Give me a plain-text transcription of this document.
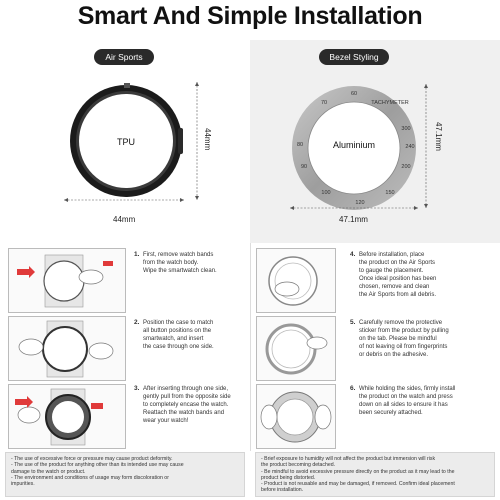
Smart And Simple Installation
Air Sports
TPU
44mm
44mm
Bezel Styling
70
60
TACHYMETER
300
240
200
150
120
100
90
80	Aluminium
47.1mm
47.1mm
1. First, remove watch bands
from the watch body.
Wipe the smartwatch clean.
2. Position the case to match
all button positions on the
smartwatch, and insert
the case through one side.
3. After inserting through one side,
gently pull from the opposite side
to completely encase the watch.
Reattach the watch bands and
wear your watch!
4. Before installation, place
the product on the Air Sports
to gauge the placement.
Once ideal position has been
chosen, remove and clean
the Air Sports from all debris.
5. Carefully remove the protective
sticker from the product by pulling
on the tab. Please be mindful
of not leaving oil from fingerprints
or debris on the adhesive.
6. While holding the sides, firmly install
the product on the watch and press
down on all sides to ensure it has
been securely attached.
- The use of excessive force or pressure may cause product deformity.
- The use of the product for anything other than its intended use may cause
damage to the watch or product.
- The environment and conditions of usage may form discoloration or
impurities.
- Brief exposure to humidity will not affect the product but immersion will risk
the product becoming detached.
- Be mindful to avoid excessive pressure directly on the product as it may lead to the
product being distorted.
- Product is not reusable and may be damaged, if removed. Confirm ideal placement
before installation.
